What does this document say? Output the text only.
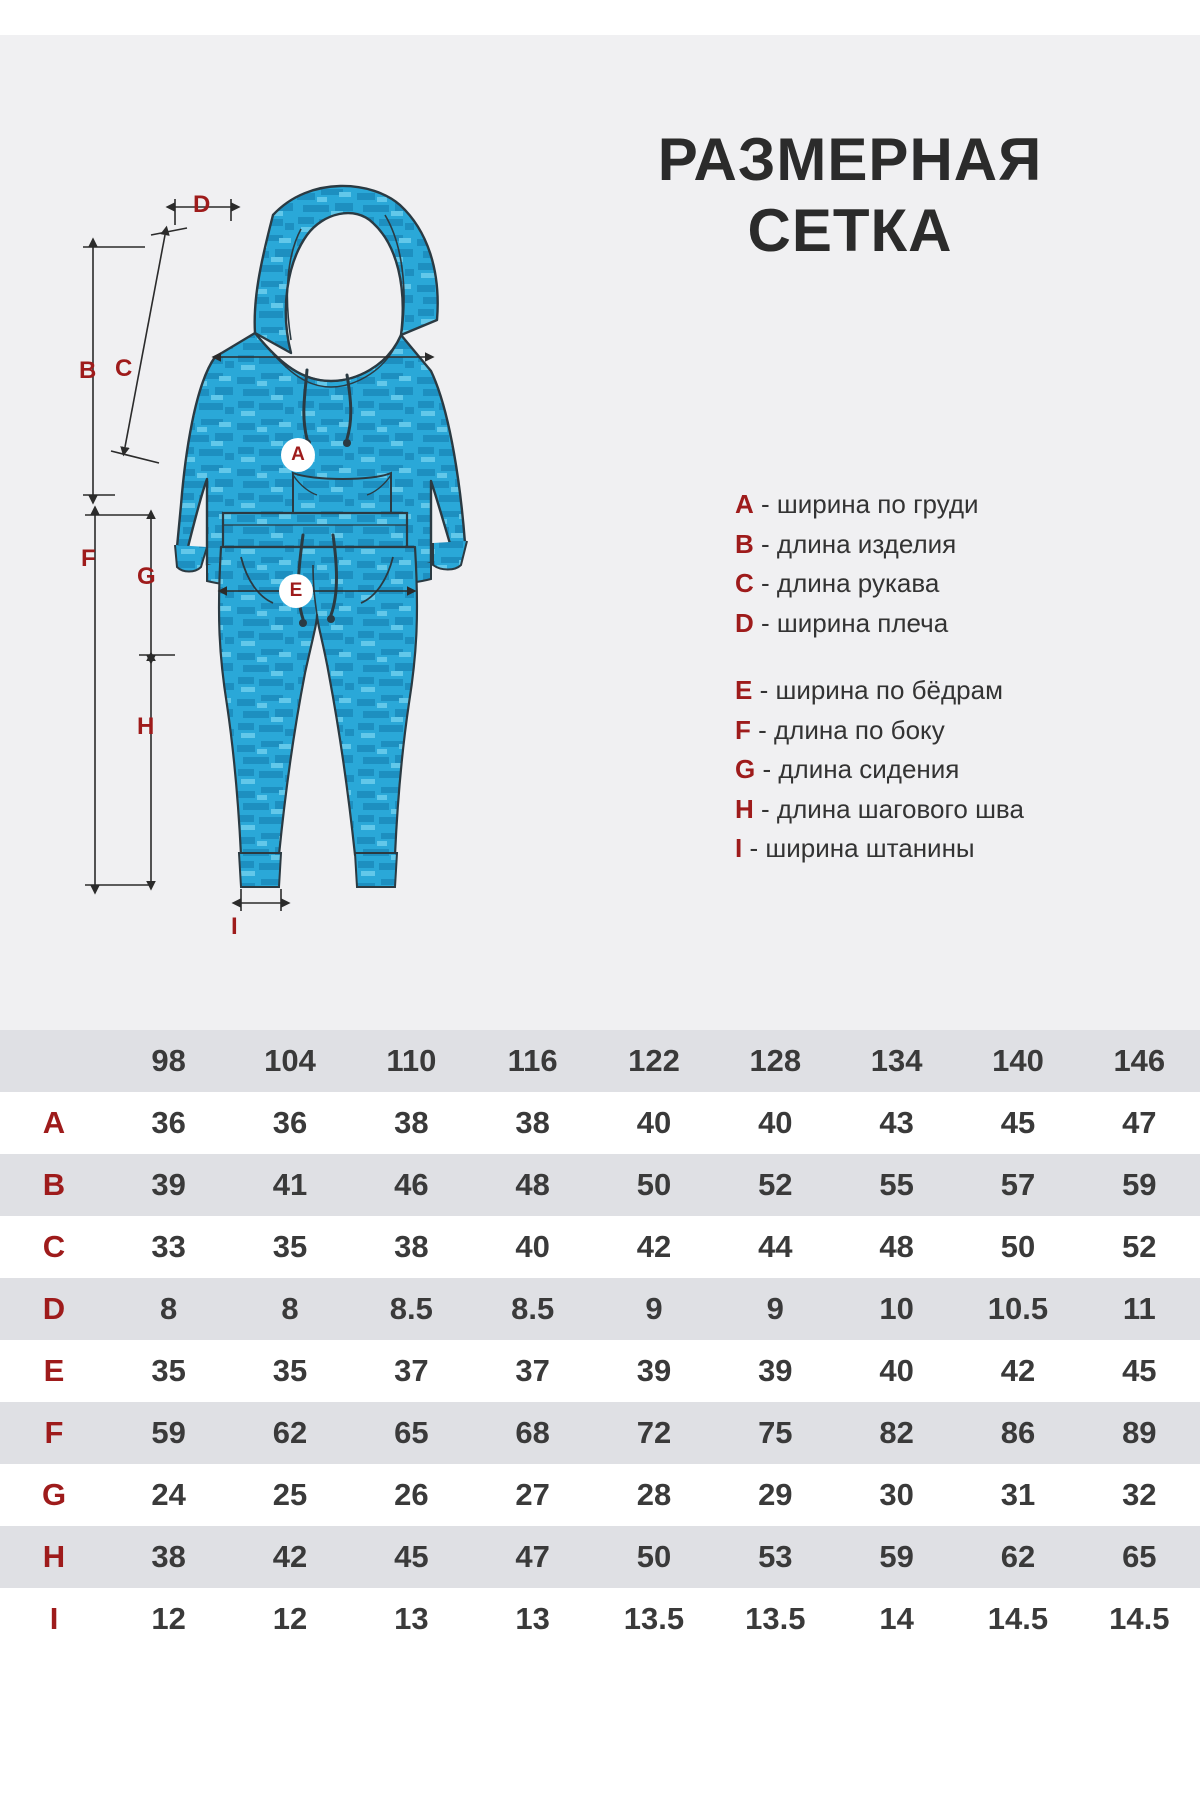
РАЗМЕРНАЯ
СЕТКА
A - ширина по груди
B - длина изделия
C - длина рукава
D - ширина плеча
E - ширина по бёдрам
F - длина по боку
G - длина сидения
H - длина шагового шва
I - ширина штанины
A
E
B C
D
F
G
H
I
	98	104	110	116	122	128	134	140	146
A	36	36	38	38	40	40	43	45	47
B	39	41	46	48	50	52	55	57	59
C	33	35	38	40	42	44	48	50	52
D	8	8	8.5	8.5	9	9	10	10.5	11
E	35	35	37	37	39	39	40	42	45
F	59	62	65	68	72	75	82	86	89
G	24	25	26	27	28	29	30	31	32
H	38	42	45	47	50	53	59	62	65
I	12	12	13	13	13.5	13.5	14	14.5	14.5
